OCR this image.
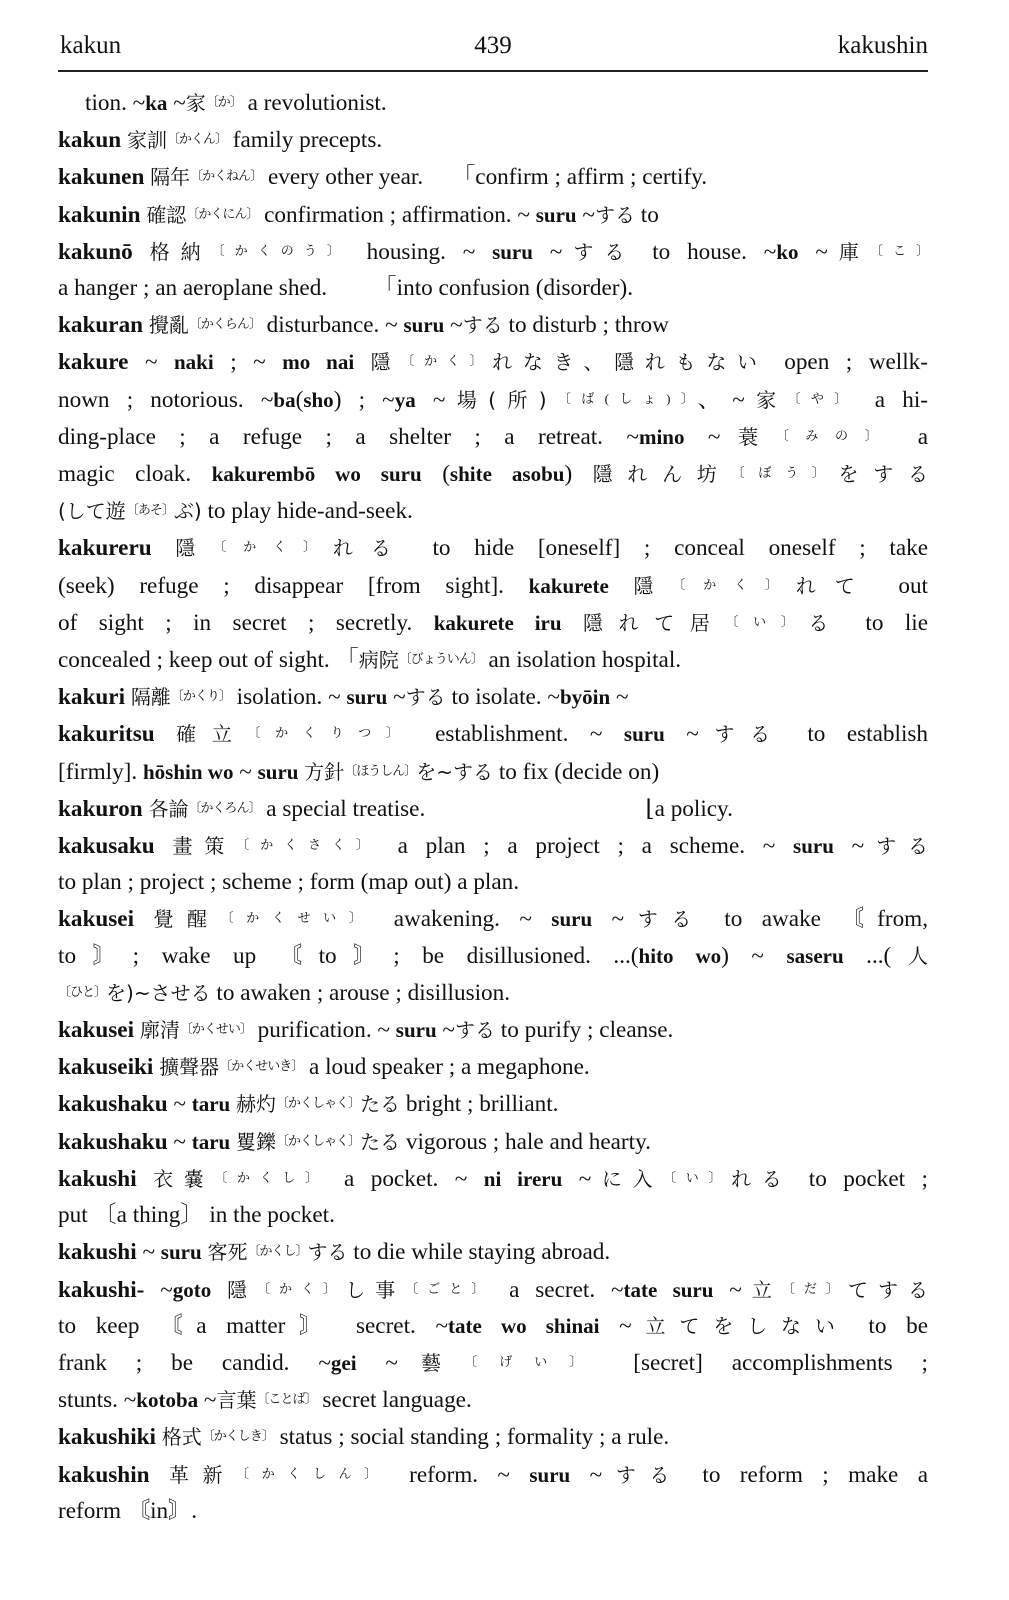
kakun	439	kakushin
tion. ~ka ~家〔か〕 a revolutionist.
kakun 家訓〔かくん〕 family precepts.
kakunen 隔年〔かくねん〕 every other year.     「confirm ; affirm ; certify.
kakunin 確認〔かくにん〕 confirmation ; affirmation. ~ suru ~する to
kakunō 格納〔かくのう〕 housing. ~ suru ~する to house. ~ko ~庫〔こ〕
a hanger ; an aeroplane shed.        「into confusion (disorder).
kakuran 攪亂〔かくらん〕 disturbance. ~ suru ~する to disturb ; throw
kakure ~ naki ; ~ mo nai 隱〔かく〕れなき、隱れもない open ; wellk-
nown ; notorious. ~ba(sho) ; ~ya ~場(所)〔ば(しょ)〕、~家〔や〕 a hi-
ding-place ; a refuge ; a shelter ; a retreat. ~mino ~蓑〔みの〕 a
magic cloak. kakurembō wo suru (shite asobu) 隱れん坊〔ぼう〕をする
(して遊〔あそ〕ぶ) to play hide-and-seek.
kakureru 隱〔かく〕れる to hide [oneself] ; conceal oneself ; take
(seek) refuge ; disappear [from sight]. kakurete 隱〔かく〕れて out
of sight ; in secret ; secretly. kakurete iru 隱れて居〔い〕る to lie
concealed ; keep out of sight. 「病院〔びょういん〕 an isolation hospital.
kakuri 隔離〔かくり〕 isolation. ~ suru ~する to isolate. ~byōin ~
kakuritsu 確立〔かくりつ〕 establishment. ~ suru ~する to establish
[firmly]. hōshin wo ~ suru 方針〔ほうしん〕を~する to fix (decide on)
kakuron 各論〔かくろん〕 a special treatise.                                      ⌊a policy.
kakusaku 畫策〔かくさく〕 a plan ; a project ; a scheme. ~ suru ~する
to plan ; project ; scheme ; form (map out) a plan.
kakusei 覺醒〔かくせい〕 awakening. ~ suru ~する to awake 〘from,
to〙; wake up 〘to〙; be disillusioned. ...(hito wo) ~ saseru ...(人
〔ひと〕を)~させる to awaken ; arouse ; disillusion.
kakusei 廓清〔かくせい〕 purification. ~ suru ~する to purify ; cleanse.
kakuseiki 擴聲器〔かくせいき〕 a loud speaker ; a megaphone.
kakushaku ~ taru 赫灼〔かくしゃく〕たる bright ; brilliant.
kakushaku ~ taru 矍鑠〔かくしゃく〕たる vigorous ; hale and hearty.
kakushi 衣嚢〔かくし〕 a pocket. ~ ni ireru ~に入〔い〕れる to pocket ;
put 〔a thing〕 in the pocket.
kakushi ~ suru 客死〔かくし〕する to die while staying abroad.
kakushi- ~goto 隱〔かく〕し事〔ごと〕 a secret. ~tate suru ~立〔だ〕てする
to keep 〘a matter〙 secret. ~tate wo shinai ~立てをしない to be
frank ; be candid. ~gei ~藝〔げい〕 [secret] accomplishments ;
stunts. ~kotoba ~言葉〔ことば〕 secret language.
kakushiki 格式〔かくしき〕 status ; social standing ; formality ; a rule.
kakushin 革新〔かくしん〕 reform. ~ suru ~する to reform ; make a
reform 〘in〙.
